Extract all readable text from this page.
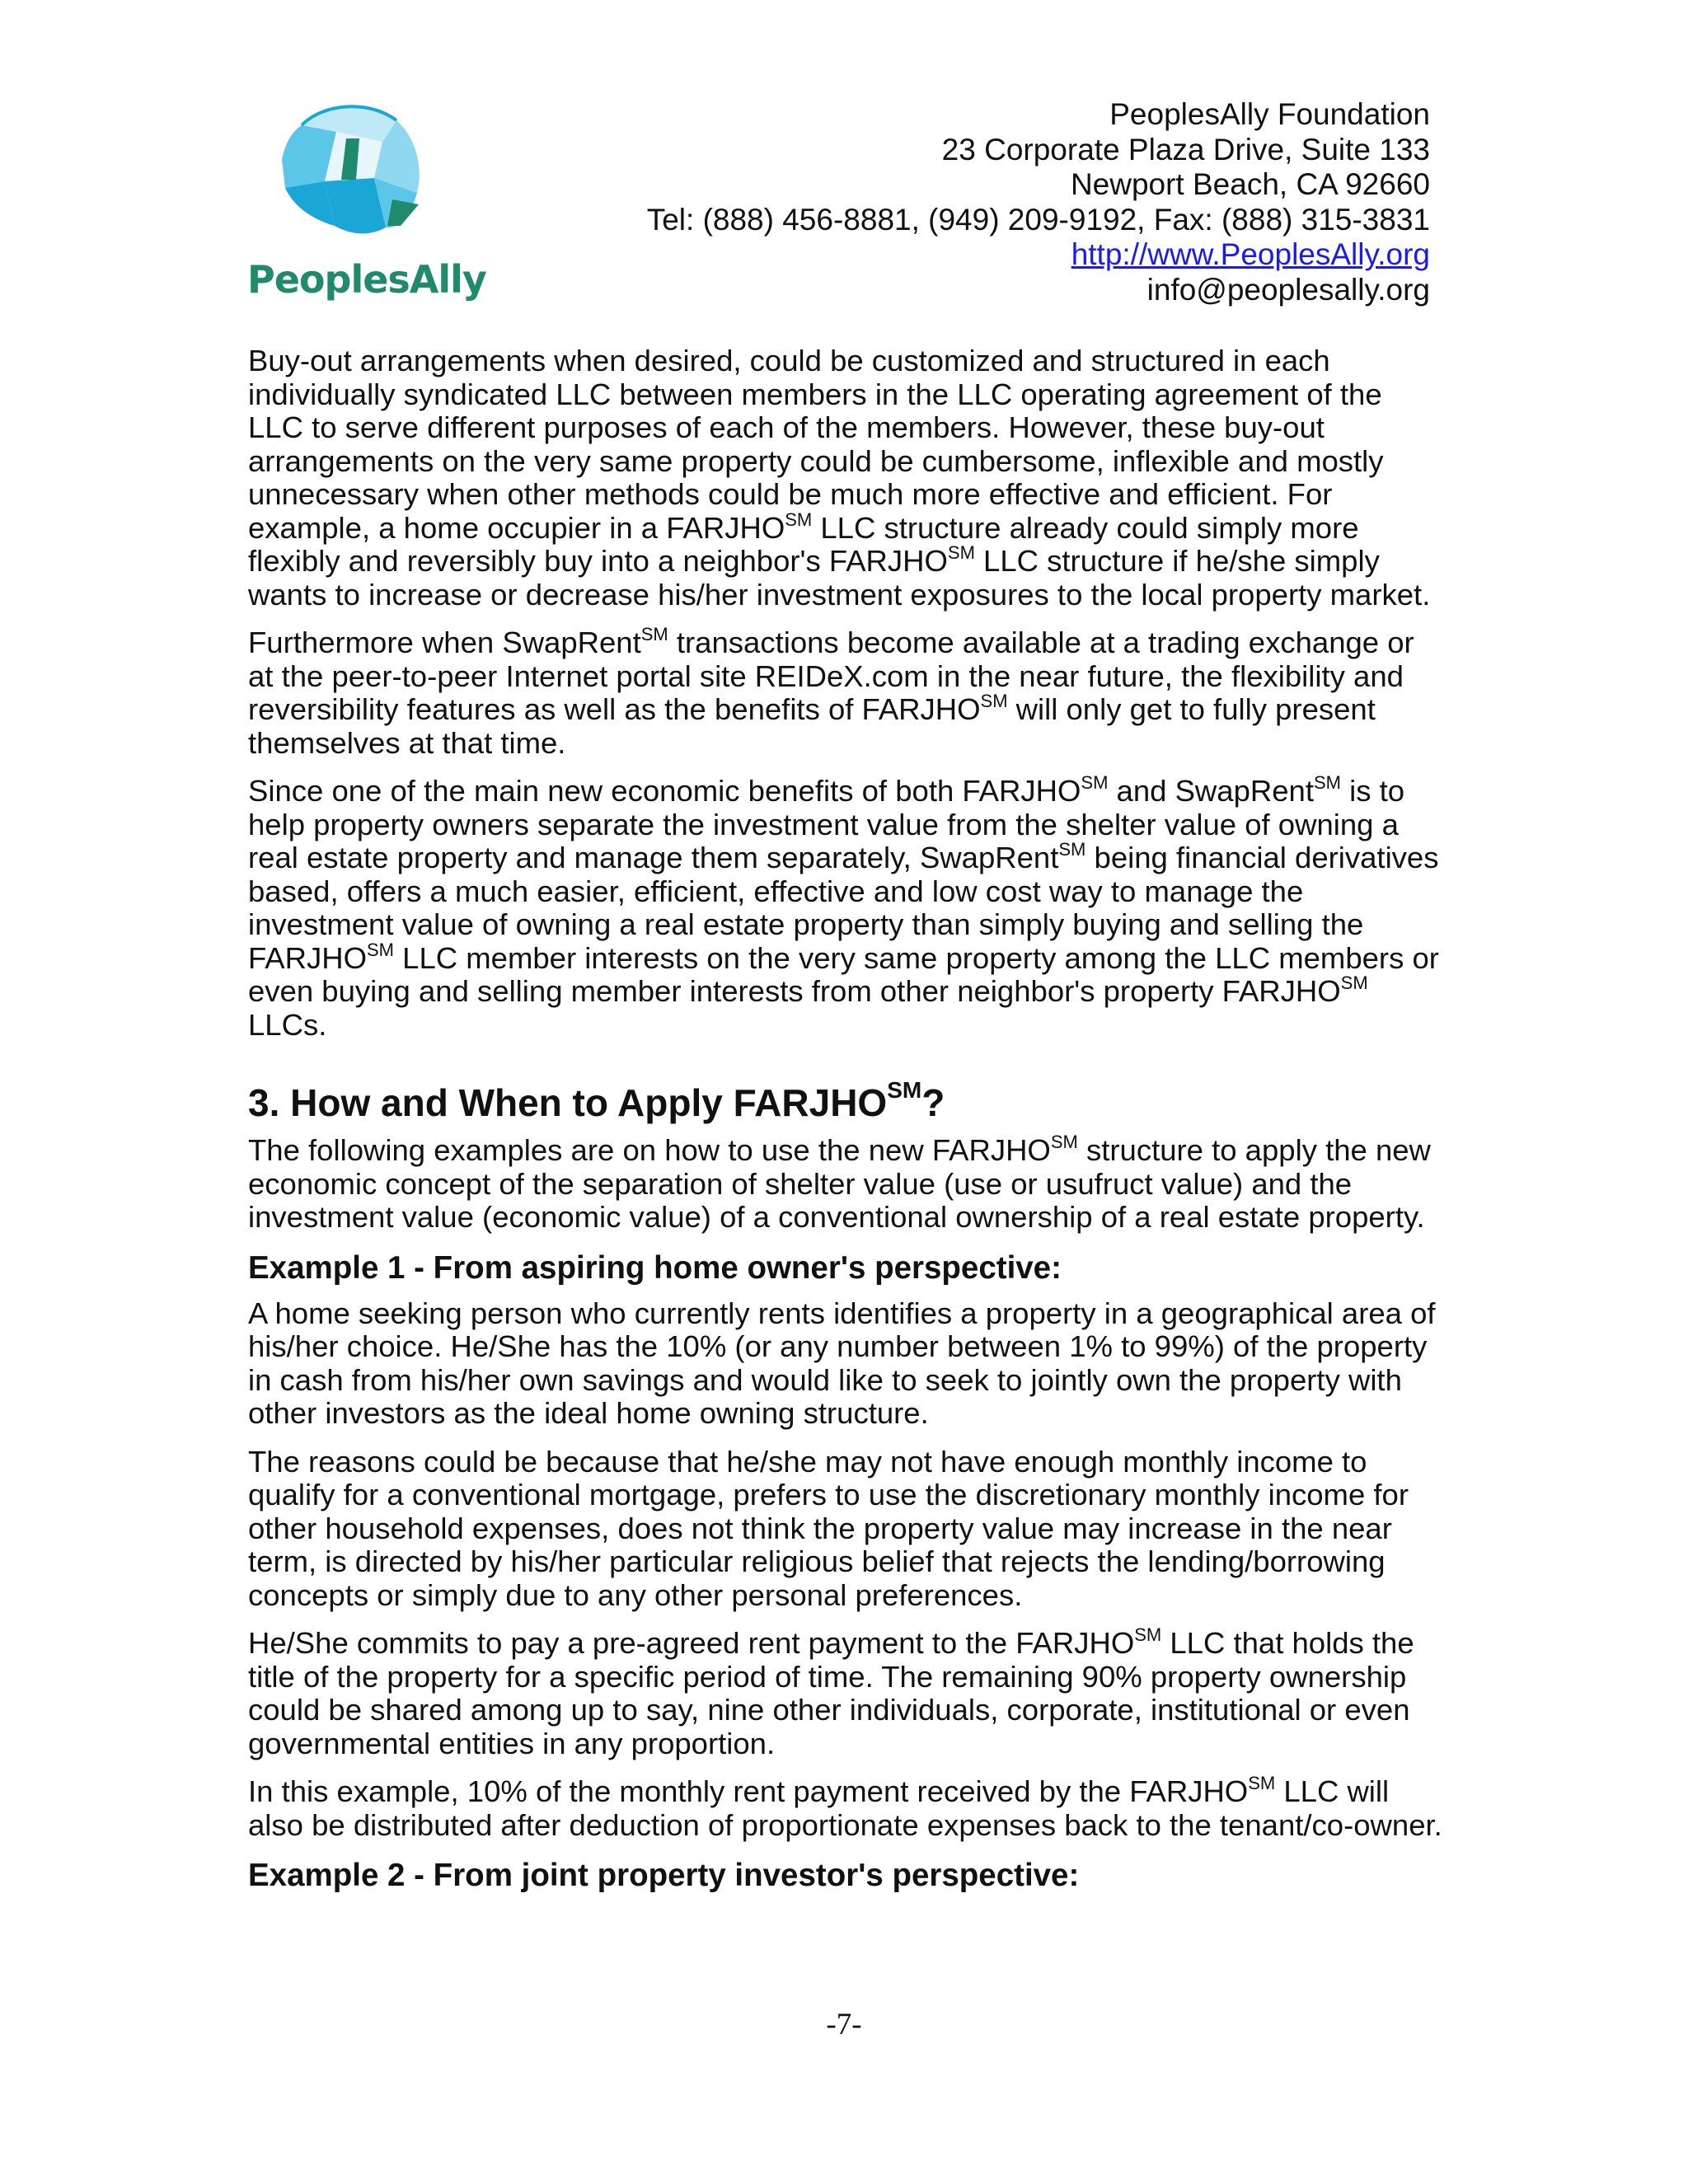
PeoplesAlly
PeoplesAlly Foundation
23 Corporate Plaza Drive, Suite 133
Newport Beach, CA 92660
Tel: (888) 456-8881, (949) 209-9192, Fax: (888) 315-3831
http://www.PeoplesAlly.org
info@peoplesally.org

Buy-out arrangements when desired, could be customized and structured in each individually syndicated LLC between members in the LLC operating agreement of the LLC to serve different purposes of each of the members. However, these buy-out arrangements on the very same property could be cumbersome, inflexible and mostly unnecessary when other methods could be much more effective and efficient. For example, a home occupier in a FARJHO℠ LLC structure already could simply more flexibly and reversibly buy into a neighbor's FARJHO℠ LLC structure if he/she simply wants to increase or decrease his/her investment exposures to the local property market.

Furthermore when SwapRent℠ transactions become available at a trading exchange or at the peer-to-peer Internet portal site REIDeX.com in the near future, the flexibility and reversibility features as well as the benefits of FARJHO℠ will only get to fully present themselves at that time.

Since one of the main new economic benefits of both FARJHO℠ and SwapRent℠ is to help property owners separate the investment value from the shelter value of owning a real estate property and manage them separately, SwapRent℠ being financial derivatives based, offers a much easier, efficient, effective and low cost way to manage the investment value of owning a real estate property than simply buying and selling the FARJHO℠ LLC member interests on the very same property among the LLC members or even buying and selling member interests from other neighbor's property FARJHO℠ LLCs.

3. How and When to Apply FARJHO℠?

The following examples are on how to use the new FARJHO℠ structure to apply the new economic concept of the separation of shelter value (use or usufruct value) and the investment value (economic value) of a conventional ownership of a real estate property.

Example 1 - From aspiring home owner's perspective:

A home seeking person who currently rents identifies a property in a geographical area of his/her choice. He/She has the 10% (or any number between 1% to 99%) of the property in cash from his/her own savings and would like to seek to jointly own the property with other investors as the ideal home owning structure.

The reasons could be because that he/she may not have enough monthly income to qualify for a conventional mortgage, prefers to use the discretionary monthly income for other household expenses, does not think the property value may increase in the near term, is directed by his/her particular religious belief that rejects the lending/borrowing concepts or simply due to any other personal preferences.

He/She commits to pay a pre-agreed rent payment to the FARJHO℠ LLC that holds the title of the property for a specific period of time. The remaining 90% property ownership could be shared among up to say, nine other individuals, corporate, institutional or even governmental entities in any proportion.

In this example, 10% of the monthly rent payment received by the FARJHO℠ LLC will also be distributed after deduction of proportionate expenses back to the tenant/co-owner.

Example 2 - From joint property investor's perspective:
-7-
